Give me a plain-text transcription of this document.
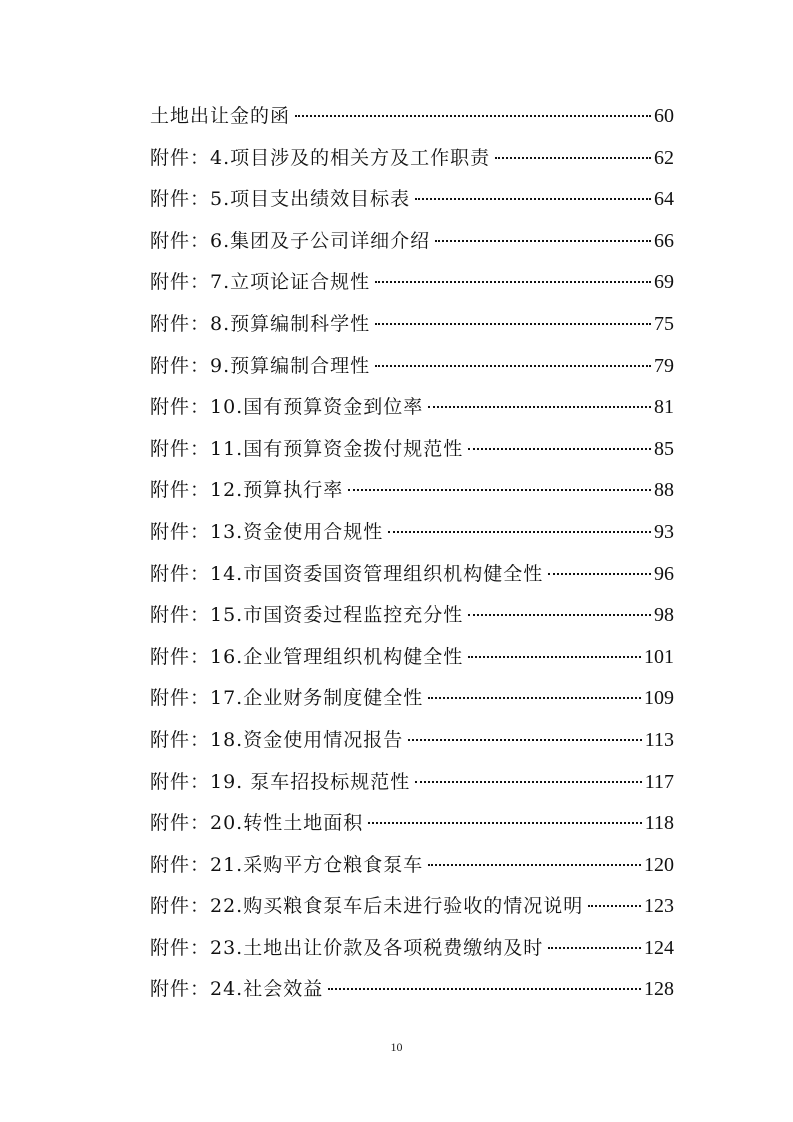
土地出让金的函	60
附件：4.项目涉及的相关方及工作职责	62
附件：5.项目支出绩效目标表	64
附件：6.集团及子公司详细介绍	66
附件：7.立项论证合规性	69
附件：8.预算编制科学性	75
附件：9.预算编制合理性	79
附件：10.国有预算资金到位率	81
附件：11.国有预算资金拨付规范性	85
附件：12.预算执行率	88
附件：13.资金使用合规性	93
附件：14.市国资委国资管理组织机构健全性	96
附件：15.市国资委过程监控充分性	98
附件：16.企业管理组织机构健全性	101
附件：17.企业财务制度健全性	109
附件：18.资金使用情况报告	113
附件：19. 泵车招投标规范性	117
附件：20.转性土地面积	118
附件：21.采购平方仓粮食泵车	120
附件：22.购买粮食泵车后未进行验收的情况说明	123
附件：23.土地出让价款及各项税费缴纳及时	124
附件：24.社会效益	128
10
